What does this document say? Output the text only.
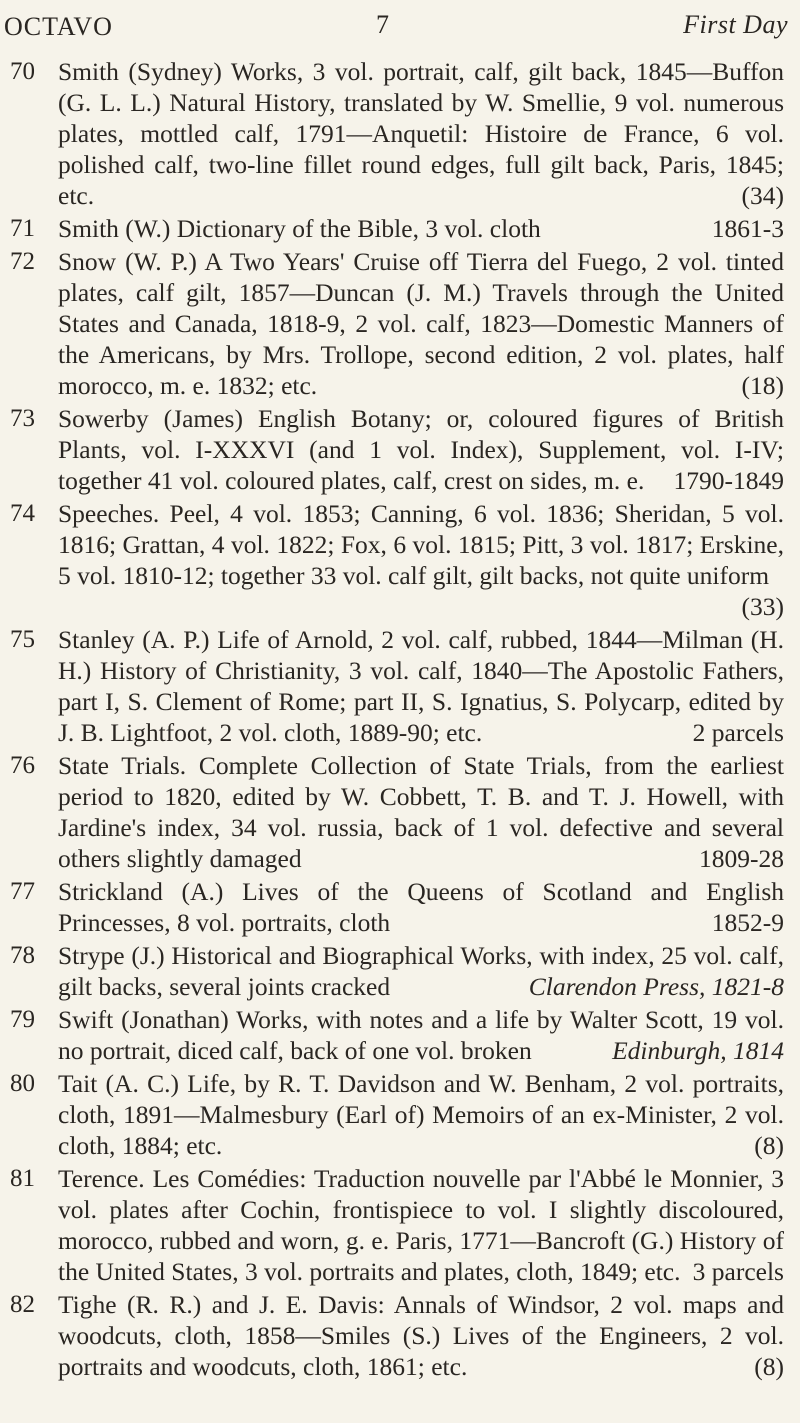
OCTAVO	7	First Day
70 Smith (Sydney) Works, 3 vol. portrait, calf, gilt back, 1845—Buffon (G. L. L.) Natural History, translated by W. Smellie, 9 vol. numerous plates, mottled calf, 1791—Anquetil: Histoire de France, 6 vol. polished calf, two-line fillet round edges, full gilt back, Paris, 1845; etc.	(34)
71 Smith (W.) Dictionary of the Bible, 3 vol. cloth	1861-3
72 Snow (W. P.) A Two Years' Cruise off Tierra del Fuego, 2 vol. tinted plates, calf gilt, 1857—Duncan (J. M.) Travels through the United States and Canada, 1818-9, 2 vol. calf, 1823—Domestic Manners of the Americans, by Mrs. Trollope, second edition, 2 vol. plates, half morocco, m. e. 1832; etc.	(18)
73 Sowerby (James) English Botany; or, coloured figures of British Plants, vol. I-XXXVI (and 1 vol. Index), Supplement, vol. I-IV; together 41 vol. coloured plates, calf, crest on sides, m. e. 1790-1849
74 Speeches. Peel, 4 vol. 1853; Canning, 6 vol. 1836; Sheridan, 5 vol. 1816; Grattan, 4 vol. 1822; Fox, 6 vol. 1815; Pitt, 3 vol. 1817; Erskine, 5 vol. 1810-12; together 33 vol. calf gilt, gilt backs, not quite uniform
(33)
75 Stanley (A. P.) Life of Arnold, 2 vol. calf, rubbed, 1844—Milman (H. H.) History of Christianity, 3 vol. calf, 1840—The Apostolic Fathers, part I, S. Clement of Rome; part II, S. Ignatius, S. Polycarp, edited by J. B. Lightfoot, 2 vol. cloth, 1889-90; etc.	2 parcels
76 State Trials. Complete Collection of State Trials, from the earliest period to 1820, edited by W. Cobbett, T. B. and T. J. Howell, with Jardine's index, 34 vol. russia, back of 1 vol. defective and several others slightly damaged	1809-28
77 Strickland (A.) Lives of the Queens of Scotland and English Princesses, 8 vol. portraits, cloth	1852-9
78 Strype (J.) Historical and Biographical Works, with index, 25 vol. calf, gilt backs, several joints cracked	Clarendon Press, 1821-8
79 Swift (Jonathan) Works, with notes and a life by Walter Scott, 19 vol. no portrait, diced calf, back of one vol. broken	Edinburgh, 1814
80 Tait (A. C.) Life, by R. T. Davidson and W. Benham, 2 vol. portraits, cloth, 1891—Malmesbury (Earl of) Memoirs of an ex-Minister, 2 vol. cloth, 1884; etc.	(8)
81 Terence. Les Comédies: Traduction nouvelle par l'Abbé le Monnier, 3 vol. plates after Cochin, frontispiece to vol. I slightly discoloured, morocco, rubbed and worn, g. e. Paris, 1771—Bancroft (G.) History of the United States, 3 vol. portraits and plates, cloth, 1849; etc. 3 parcels
82 Tighe (R. R.) and J. E. Davis: Annals of Windsor, 2 vol. maps and woodcuts, cloth, 1858—Smiles (S.) Lives of the Engineers, 2 vol. portraits and woodcuts, cloth, 1861; etc.	(8)
